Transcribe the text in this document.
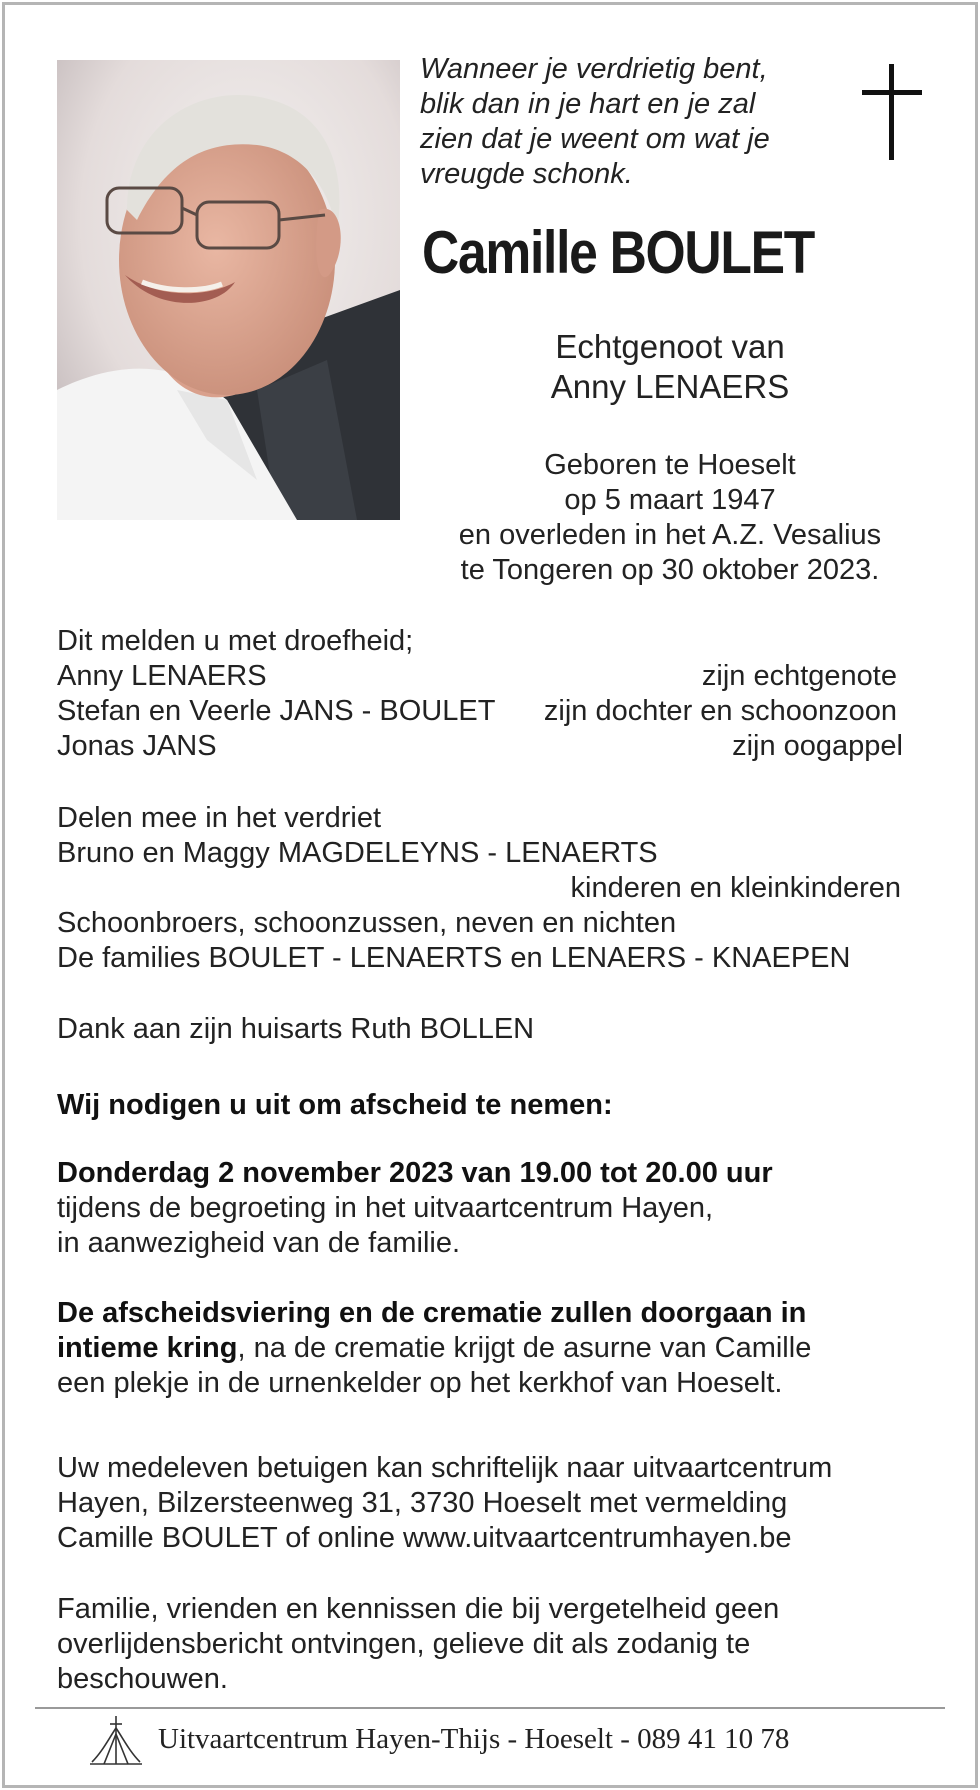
Wanneer je verdrietig bent,
blik dan in je hart en je zal
zien dat je weent om wat je
vreugde schonk.
Camille BOULET
Echtgenoot van
Anny LENAERS
Geboren te Hoeselt
op 5 maart 1947
en overleden in het A.Z. Vesalius
te Tongeren op 30 oktober 2023.
Dit melden u met droefheid;
Anny LENAERS	zijn echtgenote
Stefan en Veerle JANS - BOULET zijn dochter en schoonzoon
Jonas JANS	zijn oogappel
Delen mee in het verdriet
Bruno en Maggy MAGDELEYNS - LENAERTS
kinderen en kleinkinderen
Schoonbroers, schoonzussen, neven en nichten
De families BOULET - LENAERTS en LENAERS - KNAEPEN
Dank aan zijn huisarts Ruth BOLLEN
Wij nodigen u uit om afscheid te nemen:
Donderdag 2 november 2023 van 19.00 tot 20.00 uur
tijdens de begroeting in het uitvaartcentrum Hayen,
in aanwezigheid van de familie.
De afscheidsviering en de crematie zullen doorgaan in
intieme kring, na de crematie krijgt de asurne van Camille
een plekje in de urnenkelder op het kerkhof van Hoeselt.
Uw medeleven betuigen kan schriftelijk naar uitvaartcentrum
Hayen, Bilzersteenweg 31, 3730 Hoeselt met vermelding
Camille BOULET of online www.uitvaartcentrumhayen.be
Familie, vrienden en kennissen die bij vergetelheid geen
overlijdensbericht ontvingen, gelieve dit als zodanig te
beschouwen.
Uitvaartcentrum Hayen-Thijs - Hoeselt - 089 41 10 78
